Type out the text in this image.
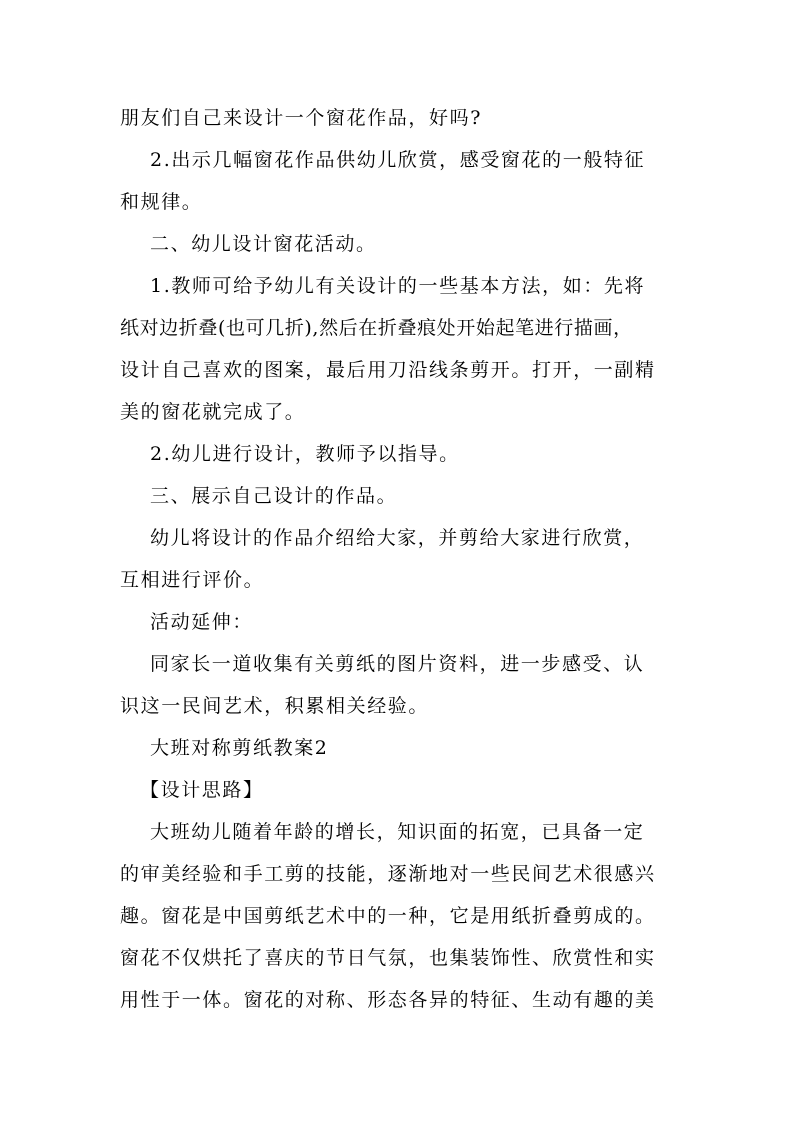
朋友们自己来设计一个窗花作品，好吗?
2.出示几幅窗花作品供幼儿欣赏，感受窗花的一般特征
和规律。
二、幼儿设计窗花活动。
1.教师可给予幼儿有关设计的一些基本方法，如：先将
纸对边折叠(也可几折),然后在折叠痕处开始起笔进行描画，
设计自己喜欢的图案，最后用刀沿线条剪开。打开，一副精
美的窗花就完成了。
2.幼儿进行设计，教师予以指导。
三、展示自己设计的作品。
幼儿将设计的作品介绍给大家，并剪给大家进行欣赏，
互相进行评价。
活动延伸：
同家长一道收集有关剪纸的图片资料，进一步感受、认
识这一民间艺术，积累相关经验。
大班对称剪纸教案2
【设计思路】
大班幼儿随着年龄的增长，知识面的拓宽，已具备一定
的审美经验和手工剪的技能，逐渐地对一些民间艺术很感兴
趣。窗花是中国剪纸艺术中的一种，它是用纸折叠剪成的。
窗花不仅烘托了喜庆的节日气氛，也集装饰性、欣赏性和实
用性于一体。窗花的对称、形态各异的特征、生动有趣的美
